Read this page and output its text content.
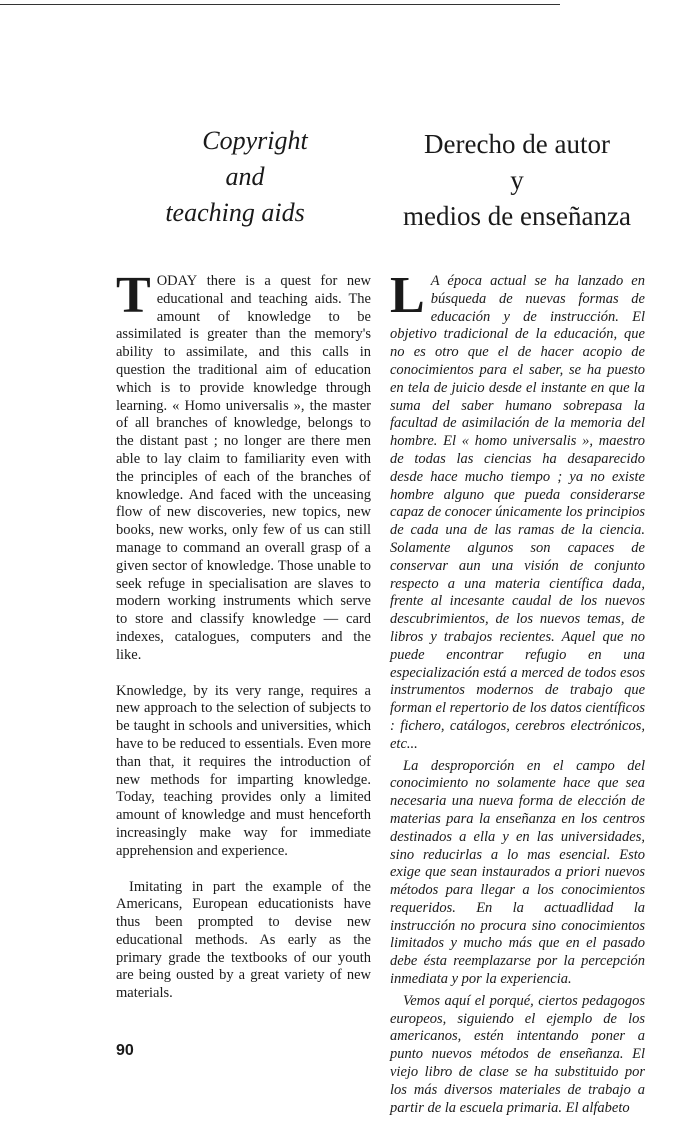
Copyright
and
teaching aids
Derecho de autor
y
medios de enseñanza

TODAY there is a quest for new educational and teaching aids. The amount of knowledge to be assimilated is greater than the memory's ability to assimilate, and this calls in question the traditional aim of education which is to provide knowledge through learning. « Homo universalis », the master of all branches of knowledge, belongs to the distant past ; no longer are there men able to lay claim to familiarity even with the principles of each of the branches of knowledge. And faced with the unceasing flow of new discoveries, new topics, new books, new works, only few of us can still manage to command an overall grasp of a given sector of knowledge. Those unable to seek refuge in specialisation are slaves to modern working instruments which serve to store and classify knowledge — card indexes, catalogues, computers and the like.

Knowledge, by its very range, requires a new approach to the selection of subjects to be taught in schools and universities, which have to be reduced to essentials. Even more than that, it requires the introduction of new methods for imparting knowledge. Today, teaching provides only a limited amount of knowledge and must henceforth increasingly make way for immediate apprehension and experience.

Imitating in part the example of the Americans, European educationists have thus been prompted to devise new educational methods. As early as the primary grade the textbooks of our youth are being ousted by a great variety of new materials.

L A época actual se ha lanzado en búsqueda de nuevas formas de educación y de instrucción. El objetivo tradicional de la educación, que no es otro que el de hacer acopio de conocimientos para el saber, se ha puesto en tela de juicio desde el instante en que la suma del saber humano sobrepasa la facultad de asimilación de la memoria del hombre. El « homo universalis », maestro de todas las ciencias ha desaparecido desde hace mucho tiempo ; ya no existe hombre alguno que pueda considerarse capaz de conocer únicamente los principios de cada una de las ramas de la ciencia. Solamente algunos son capaces de conservar aun una visión de conjunto respecto a una materia científica dada, frente al incesante caudal de los nuevos descubrimientos, de los nuevos temas, de libros y trabajos recientes. Aquel que no puede encontrar refugio en una especialización está a merced de todos esos instrumentos modernos de trabajo que forman el repertorio de los datos científicos : fichero, catálogos, cerebros electrónicos, etc...

La desproporción en el campo del conocimiento no solamente hace que sea necesaria una nueva forma de elección de materias para la enseñanza en los centros destinados a ella y en las universidades, sino reducirlas a lo mas esencial. Esto exige que sean instaurados a priori nuevos métodos para llegar a los conocimientos requeridos. En la actuadlidad la instrucción no procura sino conocimientos limitados y mucho más que en el pasado debe ésta reemplazarse por la percepción inmediata y por la experiencia.

Vemos aquí el porqué, ciertos pedagogos europeos, siguiendo el ejemplo de los americanos, estén intentando poner a punto nuevos métodos de enseñanza. El viejo libro de clase se ha substituido por los más diversos materiales de trabajo a partir de la escuela primaria. El alfabeto

90
